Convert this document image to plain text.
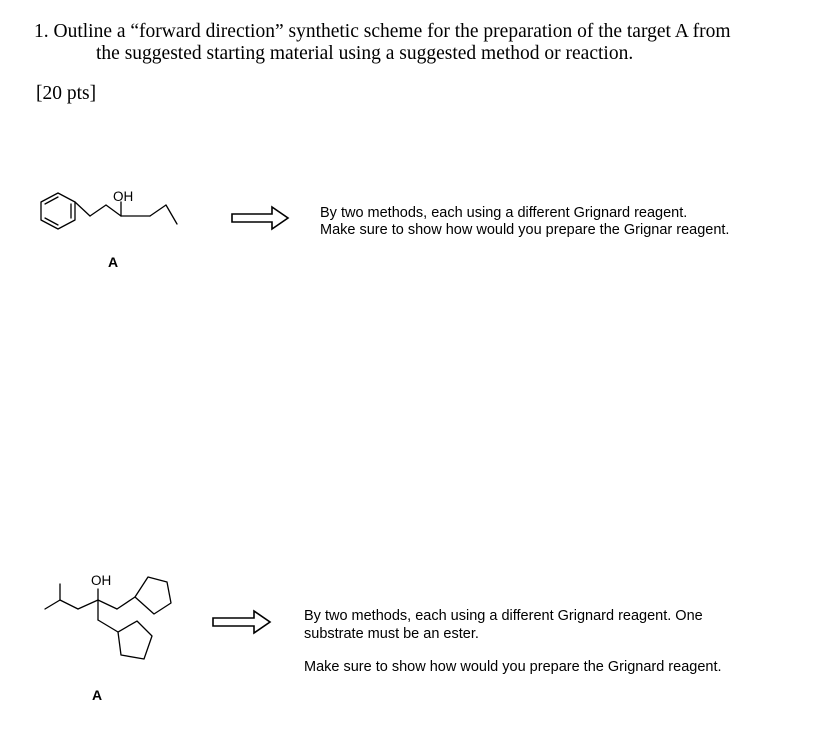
1. Outline a “forward direction” synthetic scheme for the preparation of the target A from
the suggested starting material using a suggested method or reaction.
[20 pts]
OH
A
By two methods, each using a different Grignard reagent.
Make sure to show how would you prepare the Grignar reagent.
OH
A
By two methods, each using a different Grignard reagent. One
substrate must be an ester.
Make sure to show how would you prepare the Grignard reagent.
